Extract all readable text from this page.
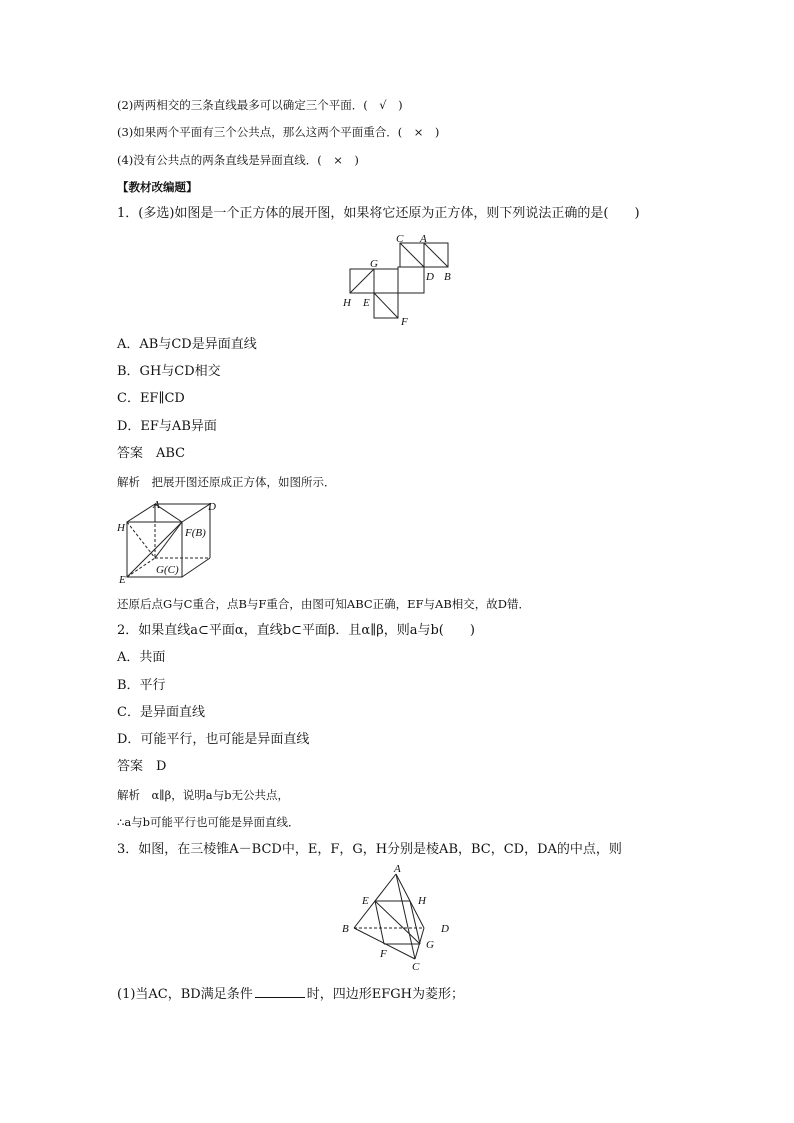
(2)两两相交的三条直线最多可以确定三个平面．(　√　)
(3)如果两个平面有三个公共点，那么这两个平面重合．(　×　)
(4)没有公共点的两条直线是异面直线．(　×　)
【教材改编题】
1．(多选)如图是一个正方体的展开图，如果将它还原为正方体，则下列说法正确的是(　　)
C A
G
D B
H E
F
A．AB与CD是异面直线
B．GH与CD相交
C．EF∥CD
D．EF与AB异面
答案　ABC
解析　把展开图还原成正方体，如图所示．
A	D
H	F(B)
G(C)
E
还原后点G与C重合，点B与F重合，由图可知ABC正确，EF与AB相交，故D错．
2．如果直线a⊂平面α，直线b⊂平面β．且α∥β，则a与b(　　)
A．共面
B．平行
C．是异面直线
D．可能平行，也可能是异面直线
答案　D
解析　α∥β，说明a与b无公共点，
∴a与b可能平行也可能是异面直线．
3．如图，在三棱锥A－BCD中，E，F，G，H分别是棱AB，BC，CD，DA的中点，则
A
E	H
B	D
F
G
C
(1)当AC，BD满足条件	时，四边形EFGH为菱形；
